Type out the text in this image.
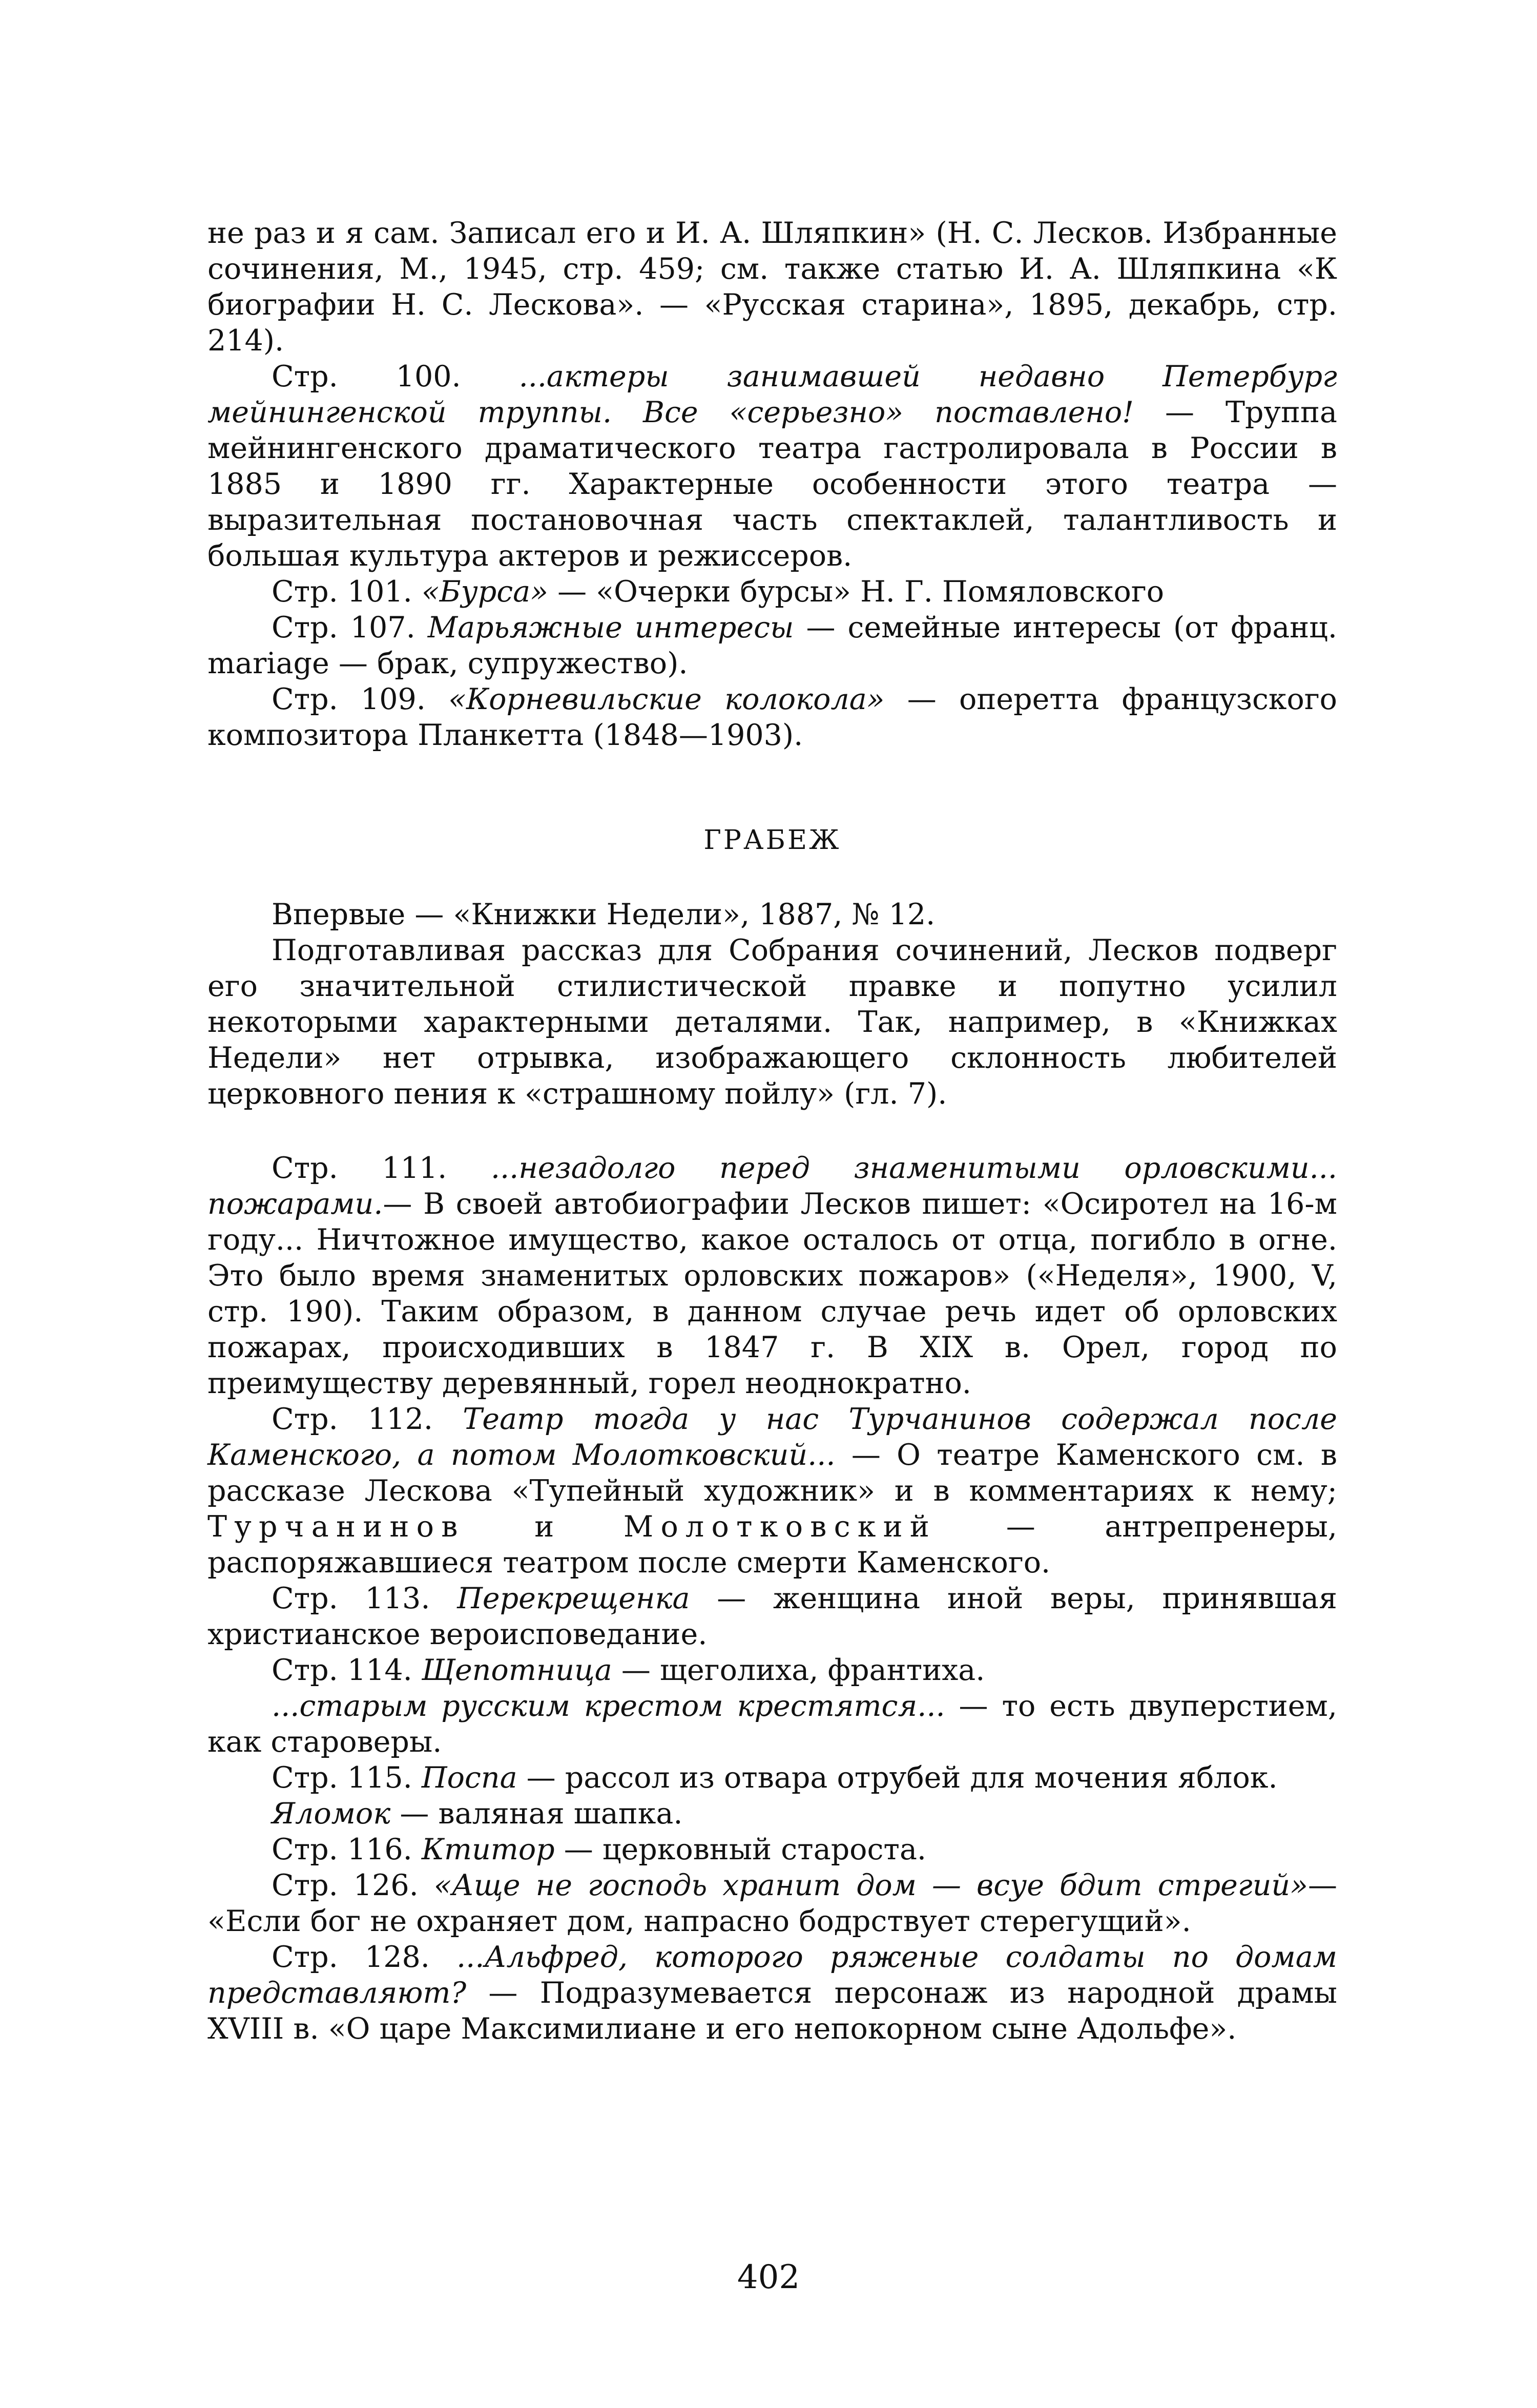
не раз и я сам. Записал его и И. А. Шляпкин» (Н. С. Лесков. Избранные сочинения, М., 1945, стр. 459; см. также статью И. А. Шляпкина «К биографии Н. С. Лескова». — «Русская старина», 1895, декабрь, стр. 214).

Стр. 100. ...актеры занимавшей недавно Петербург мейнингенской труппы. Все «серьезно» поставлено! — Труппа мейнингенского драматического театра гастролировала в России в 1885 и 1890 гг. Характерные особенности этого театра — выразительная постановочная часть спектаклей, талантливость и большая культура актеров и режиссеров.

Стр. 101. «Бурса» — «Очерки бурсы» Н. Г. Помяловского

Стр. 107. Марьяжные интересы — семейные интересы (от франц. mariage — брак, супружество).

Стр. 109. «Корневильские колокола» — оперетта французского композитора Планкетта (1848—1903).

ГРАБЕЖ

Впервые — «Книжки Недели», 1887, № 12.

Подготавливая рассказ для Собрания сочинений, Лесков подверг его значительной стилистической правке и попутно усилил некоторыми характерными деталями. Так, например, в «Книжках Недели» нет отрывка, изображающего склонность любителей церковного пения к «страшному пойлу» (гл. 7).

Стр. 111. ...незадолго перед знаменитыми орловскими... пожарами.— В своей автобиографии Лесков пишет: «Осиротел на 16-м году... Ничтожное имущество, какое осталось от отца, погибло в огне. Это было время знаменитых орловских пожаров» («Неделя», 1900, V, стр. 190). Таким образом, в данном случае речь идет об орловских пожарах, происходивших в 1847 г. В XIX в. Орел, город по преимуществу деревянный, горел неоднократно.

Стр. 112. Театр тогда у нас Турчанинов содержал после Каменского, а потом Молотковский... — О театре Каменского см. в рассказе Лескова «Тупейный художник» и в комментариях к нему; Турчанинов и Молотковский — антрепренеры, распоряжавшиеся театром после смерти Каменского.

Стр. 113. Перекрещенка — женщина иной веры, принявшая христианское вероисповедание.

Стр. 114. Щепотница — щеголиха, франтиха.

...старым русским крестом крестятся... — то есть двуперстием, как староверы.

Стр. 115. Поспа — рассол из отвара отрубей для мочения яблок.

Яломок — валяная шапка.

Стр. 116. Ктитор — церковный староста.

Стр. 126. «Аще не господь хранит дом — всуе бдит стрегий»— «Если бог не охраняет дом, напрасно бодрствует стерегущий».

Стр. 128. ...Альфред, которого ряженые солдаты по домам представляют? — Подразумевается персонаж из народной драмы XVIII в. «О царе Максимилиане и его непокорном сыне Адольфе».

402
